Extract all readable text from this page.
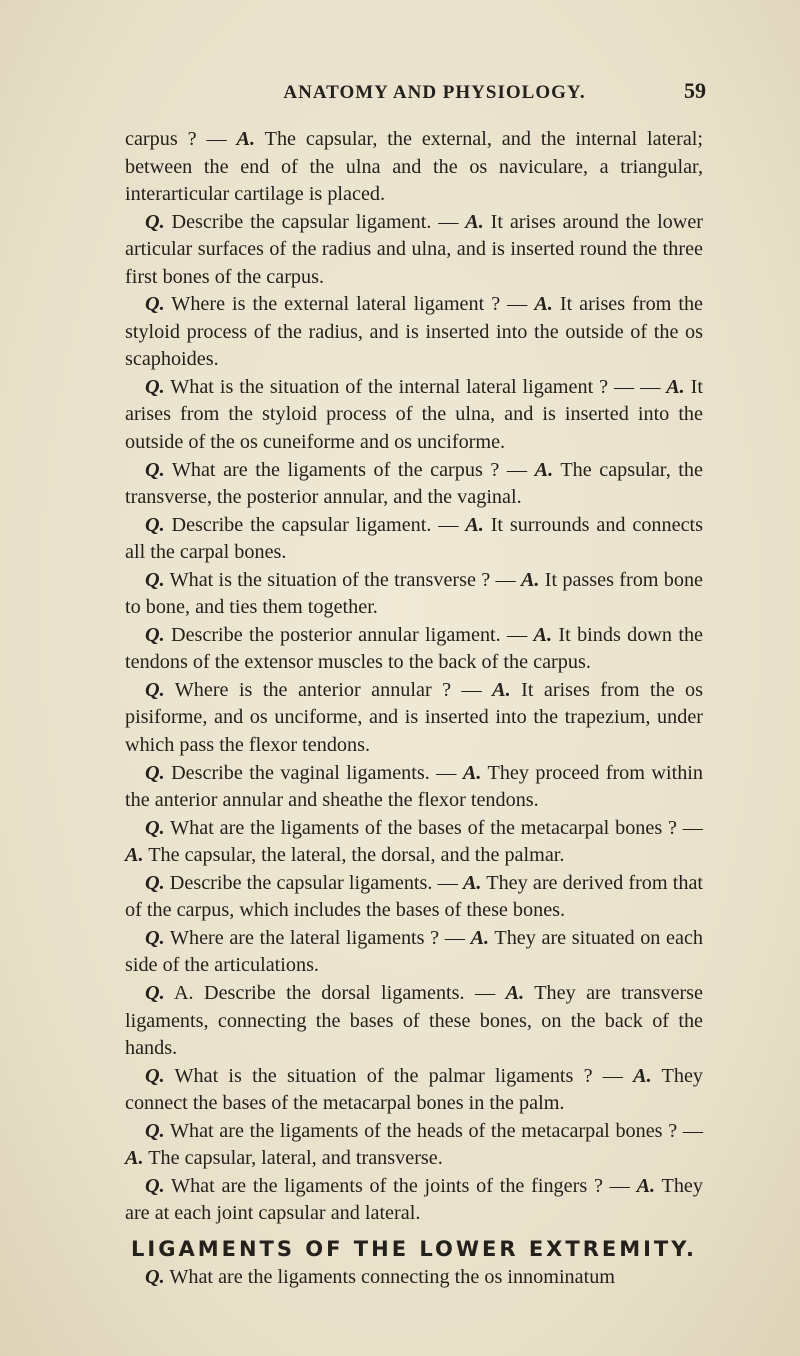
ANATOMY AND PHYSIOLOGY.	59

carpus ? — A. The capsular, the external, and the internal lateral; between the end of the ulna and the os naviculare, a triangular, interarticular cartilage is placed.

Q. Describe the capsular ligament. — A. It arises around the lower articular surfaces of the radius and ulna, and is inserted round the three first bones of the carpus.

Q. Where is the external lateral ligament ? — A. It arises from the styloid process of the radius, and is inserted into the outside of the os scaphoides.

Q. What is the situation of the internal lateral ligament ? — — A. It arises from the styloid process of the ulna, and is inserted into the outside of the os cuneiforme and os unciforme.

Q. What are the ligaments of the carpus ? — A. The capsular, the transverse, the posterior annular, and the vaginal.

Q. Describe the capsular ligament. — A. It surrounds and connects all the carpal bones.

Q. What is the situation of the transverse ? — A. It passes from bone to bone, and ties them together.

Q. Describe the posterior annular ligament. — A. It binds down the tendons of the extensor muscles to the back of the carpus.

Q. Where is the anterior annular ? — A. It arises from the os pisiforme, and os unciforme, and is inserted into the trapezium, under which pass the flexor tendons.

Q. Describe the vaginal ligaments. — A. They proceed from within the anterior annular and sheathe the flexor tendons.

Q. What are the ligaments of the bases of the metacarpal bones ? — A. The capsular, the lateral, the dorsal, and the palmar.

Q. Describe the capsular ligaments. — A. They are derived from that of the carpus, which includes the bases of these bones.

Q. Where are the lateral ligaments ? — A. They are situated on each side of the articulations.

Q. A. Describe the dorsal ligaments. — A. They are transverse ligaments, connecting the bases of these bones, on the back of the hands.

Q. What is the situation of the palmar ligaments ? — A. They connect the bases of the metacarpal bones in the palm.

Q. What are the ligaments of the heads of the metacarpal bones ? — A. The capsular, lateral, and transverse.

Q. What are the ligaments of the joints of the fingers ? — A. They are at each joint capsular and lateral.

LIGAMENTS OF THE LOWER EXTREMITY.

Q. What are the ligaments connecting the os innominatum
